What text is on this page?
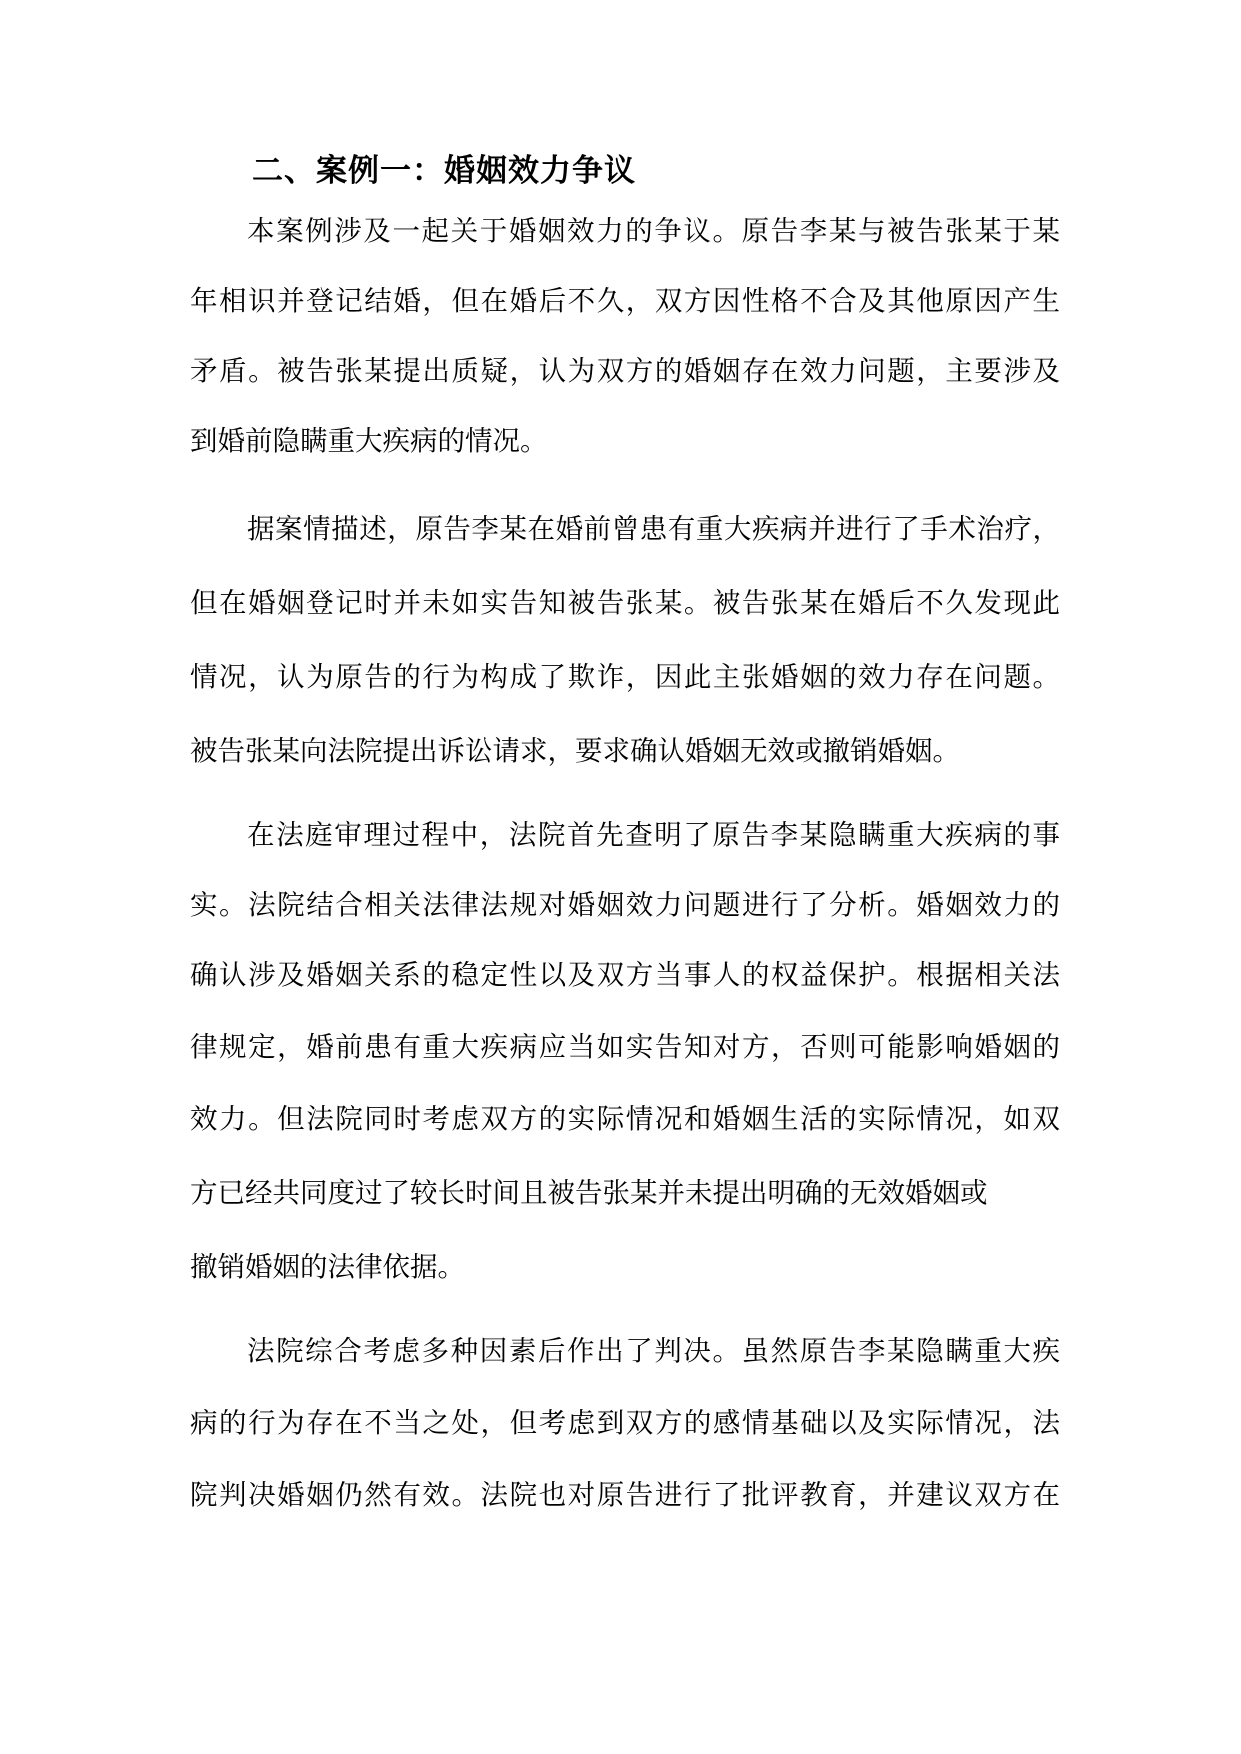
二、案例一：婚姻效力争议

本案例涉及一起关于婚姻效力的争议。原告李某与被告张某于某

年相识并登记结婚，但在婚后不久，双方因性格不合及其他原因产生

矛盾。被告张某提出质疑，认为双方的婚姻存在效力问题，主要涉及

到婚前隐瞒重大疾病的情况。

据案情描述，原告李某在婚前曾患有重大疾病并进行了手术治疗，

但在婚姻登记时并未如实告知被告张某。被告张某在婚后不久发现此

情况，认为原告的行为构成了欺诈，因此主张婚姻的效力存在问题。

被告张某向法院提出诉讼请求，要求确认婚姻无效或撤销婚姻。

在法庭审理过程中，法院首先查明了原告李某隐瞒重大疾病的事

实。法院结合相关法律法规对婚姻效力问题进行了分析。婚姻效力的

确认涉及婚姻关系的稳定性以及双方当事人的权益保护。根据相关法

律规定，婚前患有重大疾病应当如实告知对方，否则可能影响婚姻的

效力。但法院同时考虑双方的实际情况和婚姻生活的实际情况，如双

方已经共同度过了较长时间且被告张某并未提出明确的无效婚姻或

撤销婚姻的法律依据。

法院综合考虑多种因素后作出了判决。虽然原告李某隐瞒重大疾

病的行为存在不当之处，但考虑到双方的感情基础以及实际情况，法

院判决婚姻仍然有效。法院也对原告进行了批评教育，并建议双方在
